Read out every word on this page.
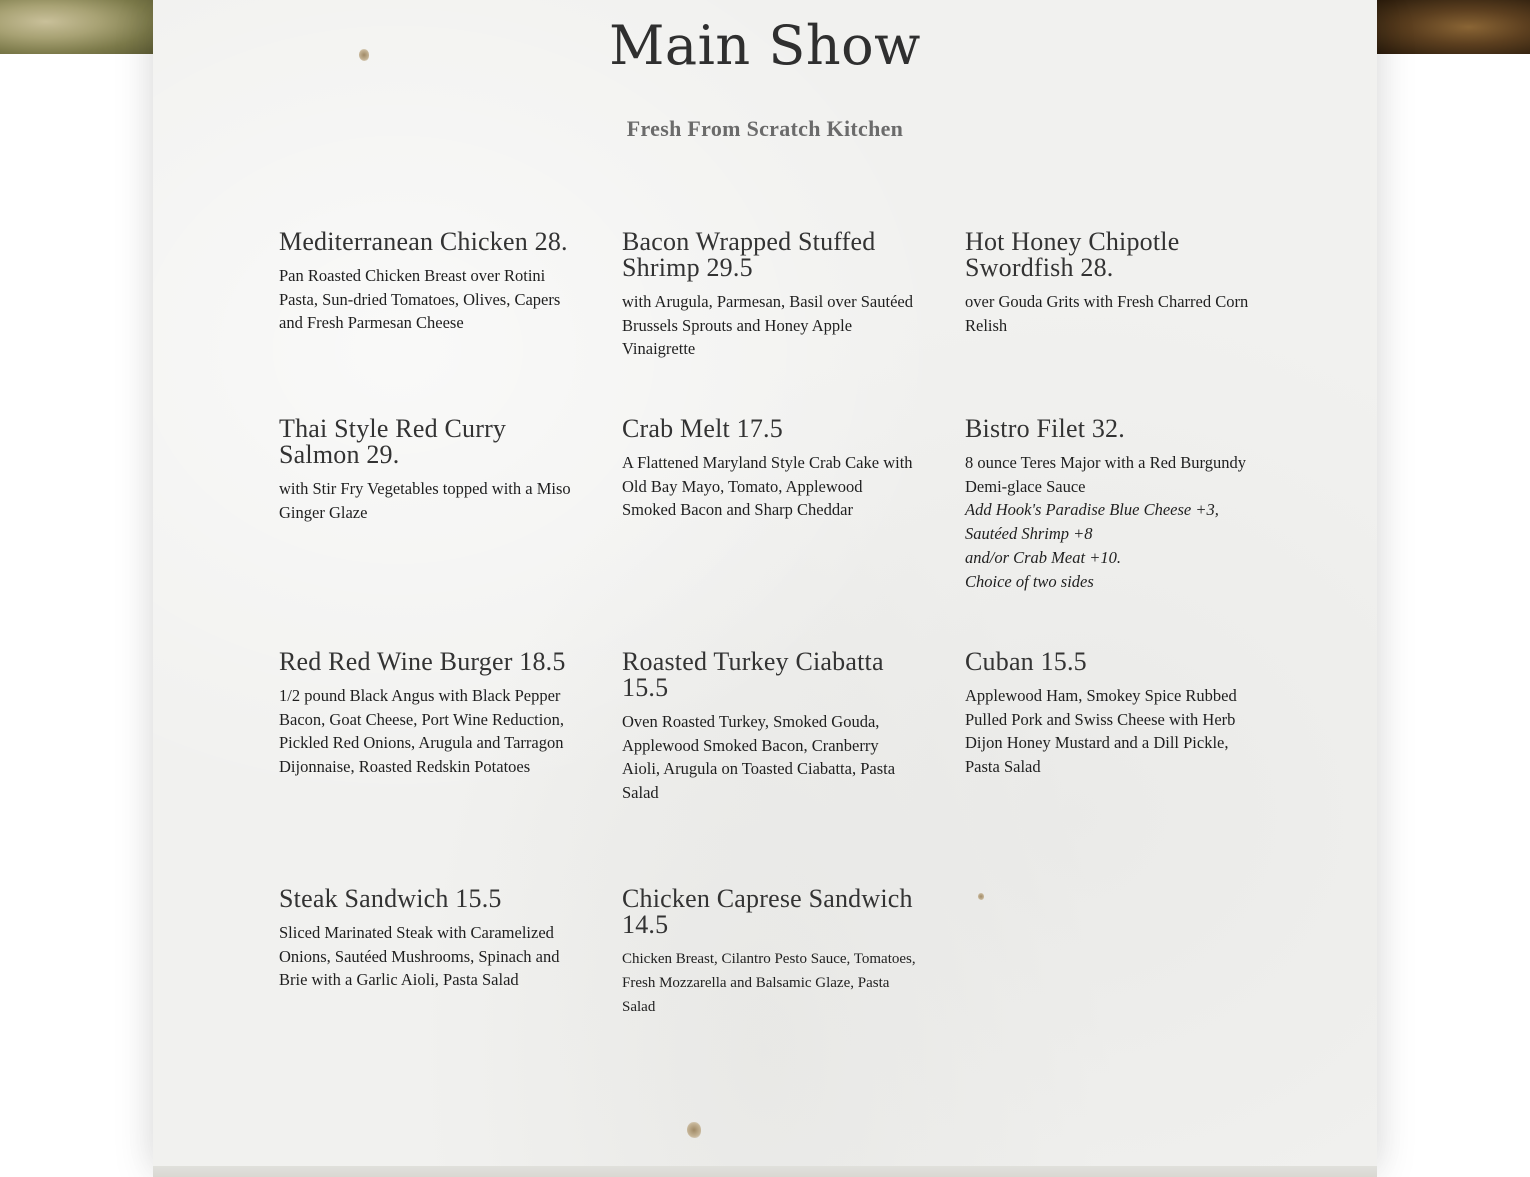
Main Show
Fresh From Scratch Kitchen
Mediterranean Chicken 28.

Pan Roasted Chicken Breast over Rotini Pasta, Sun-dried Tomatoes, Olives, Capers and Fresh Parmesan Cheese

Bacon Wrapped Stuffed Shrimp 29.5

with Arugula, Parmesan, Basil over Sautéed Brussels Sprouts and Honey Apple Vinaigrette

Hot Honey Chipotle Swordfish 28.

over Gouda Grits with Fresh Charred Corn Relish

Thai Style Red Curry Salmon 29.

with Stir Fry Vegetables topped with a Miso Ginger Glaze

Crab Melt 17.5

A Flattened Maryland Style Crab Cake with Old Bay Mayo, Tomato, Applewood Smoked Bacon and Sharp Cheddar

Bistro Filet 32.

8 ounce Teres Major with a Red Burgundy Demi-glace Sauce

Add Hook's Paradise Blue Cheese +3, Sautéed Shrimp +8

and/or Crab Meat +10.

Choice of two sides

Red Red Wine Burger 18.5

1/2 pound Black Angus with Black Pepper Bacon, Goat Cheese, Port Wine Reduction, Pickled Red Onions, Arugula and Tarragon Dijonnaise, Roasted Redskin Potatoes

Roasted Turkey Ciabatta 15.5

Oven Roasted Turkey, Smoked Gouda, Applewood Smoked Bacon, Cranberry Aioli, Arugula on Toasted Ciabatta, Pasta Salad

Cuban 15.5

Applewood Ham, Smokey Spice Rubbed Pulled Pork and Swiss Cheese with Herb Dijon Honey Mustard and a Dill Pickle, Pasta Salad

Steak Sandwich 15.5

Sliced Marinated Steak with Caramelized Onions, Sautéed Mushrooms, Spinach and Brie with a Garlic Aioli, Pasta Salad

Chicken Caprese Sandwich 14.5

Chicken Breast, Cilantro Pesto Sauce, Tomatoes, Fresh Mozzarella and Balsamic Glaze, Pasta Salad
